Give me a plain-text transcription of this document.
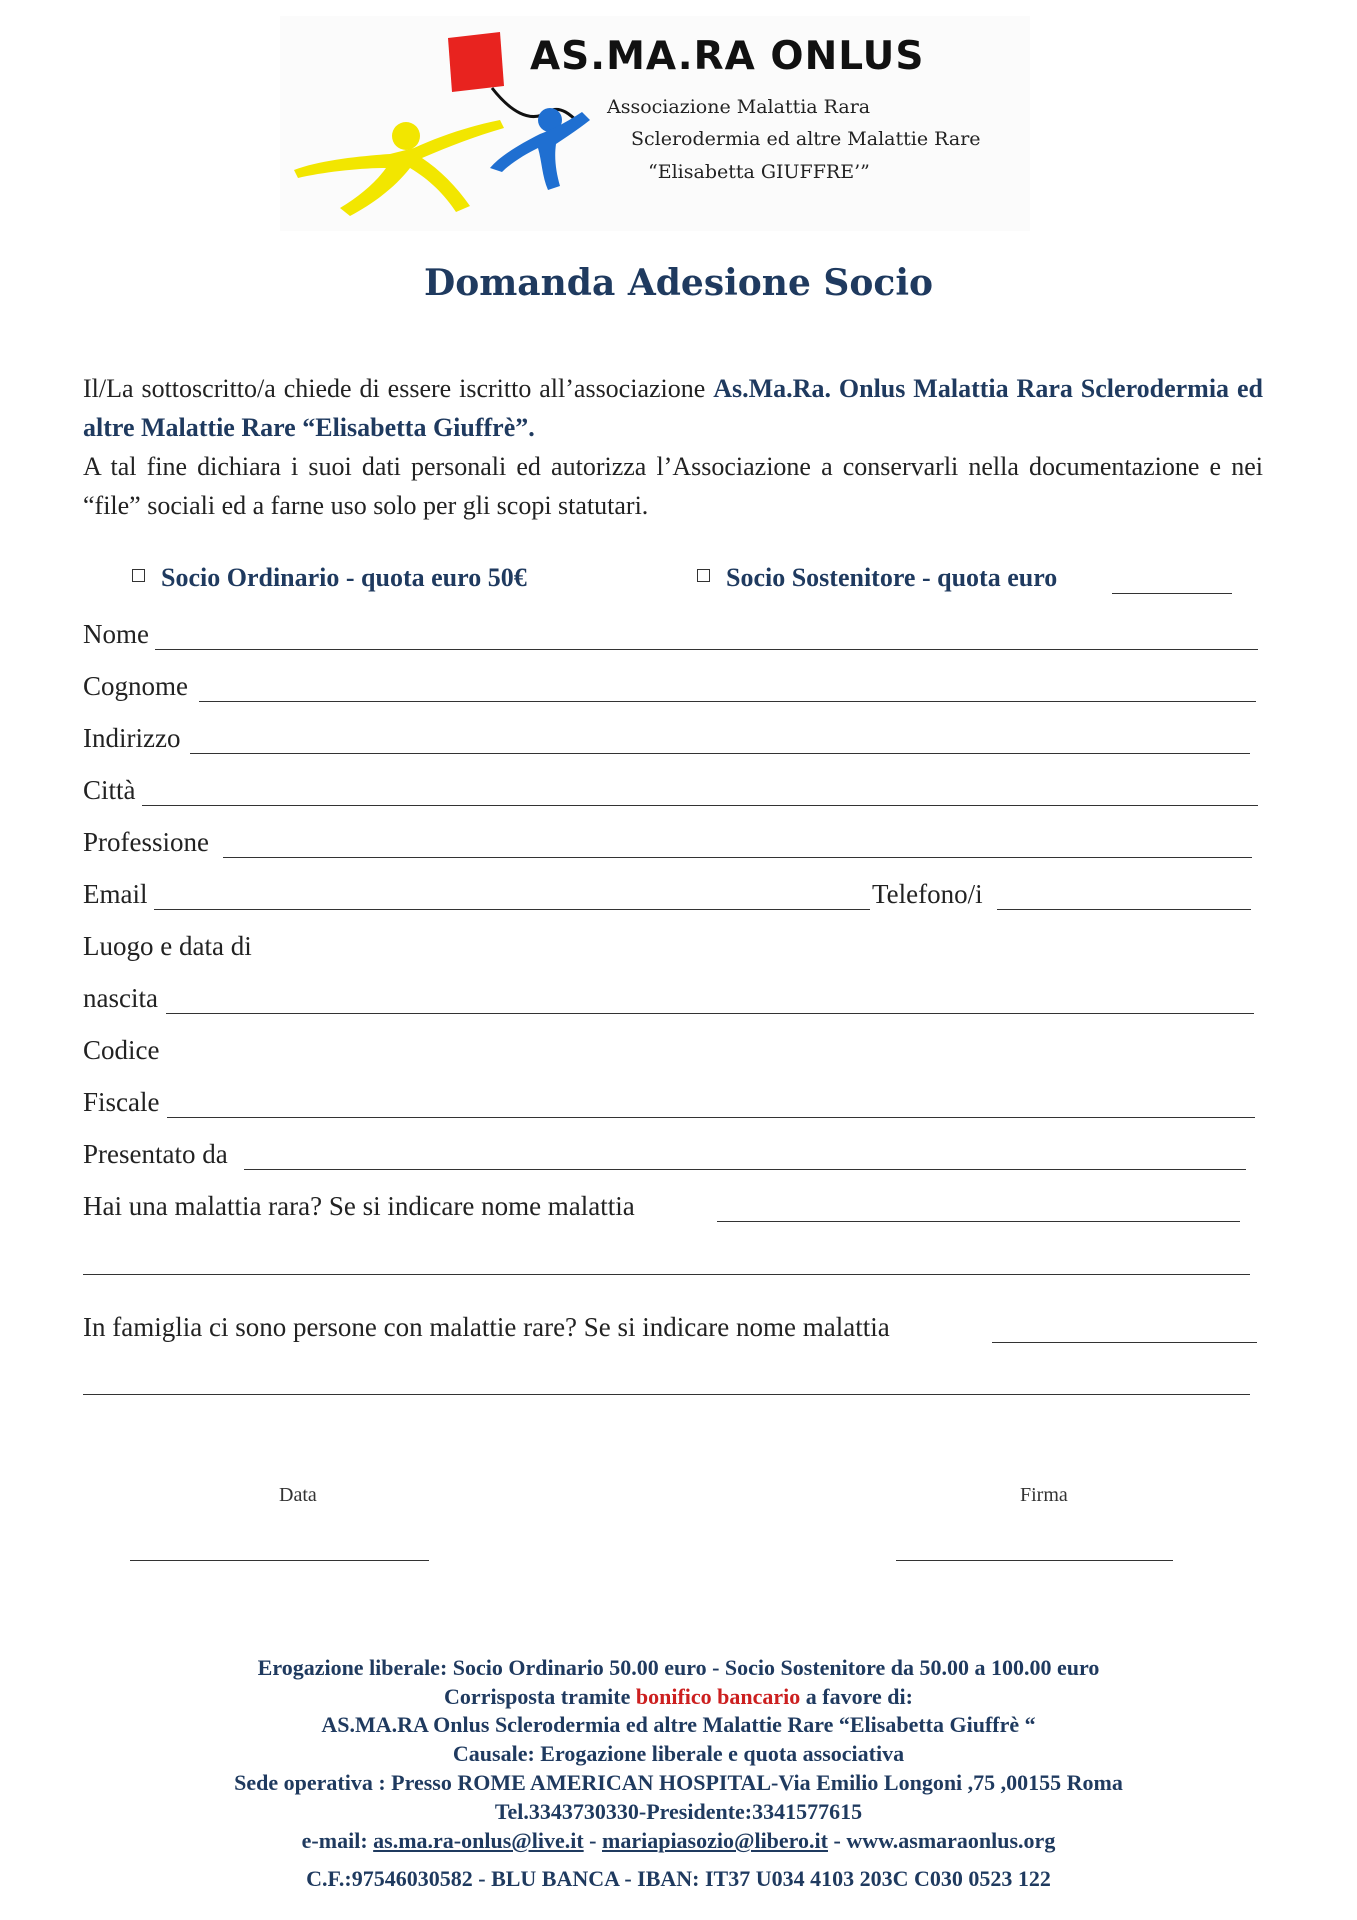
AS.MA.RA ONLUS
Associazione Malattia Rara
Sclerodermia ed altre Malattie Rare
“Elisabetta GIUFFRE’”
Domanda Adesione Socio

Il/La sottoscritto/a chiede di essere iscritto all’associazione As.Ma.Ra. Onlus Malattia Rara Sclerodermia ed altre Malattie Rare “Elisabetta Giuffrè”.

A tal fine dichiara i suoi dati personali ed autorizza l’Associazione a conservarli nella documentazione e nei “file” sociali ed a farne uso solo per gli scopi statutari.

Socio Ordinario - quota euro 50€	Socio Sostenitore - quota euro
Nome
Cognome
Indirizzo
Città
Professione
Email	Telefono/i
Luogo e data di
nascita
Codice
Fiscale
Presentato da
Hai una malattia rara? Se si indicare nome malattia
In famiglia ci sono persone con malattie rare? Se si indicare nome malattia
Data	Firma
Erogazione liberale: Socio Ordinario 50.00 euro - Socio Sostenitore da 50.00 a 100.00 euro
Corrisposta tramite bonifico bancario a favore di:
AS.MA.RA Onlus Sclerodermia ed altre Malattie Rare “Elisabetta Giuffrè “
Causale: Erogazione liberale e quota associativa
Sede operativa : Presso ROME AMERICAN HOSPITAL-Via Emilio Longoni ,75 ,00155 Roma
Tel.3343730330-Presidente:3341577615
e-mail: as.ma.ra-onlus@live.it - mariapiasozio@libero.it - www.asmaraonlus.org
C.F.:97546030582 - BLU BANCA - IBAN: IT37 U034 4103 203C C030 0523 122
